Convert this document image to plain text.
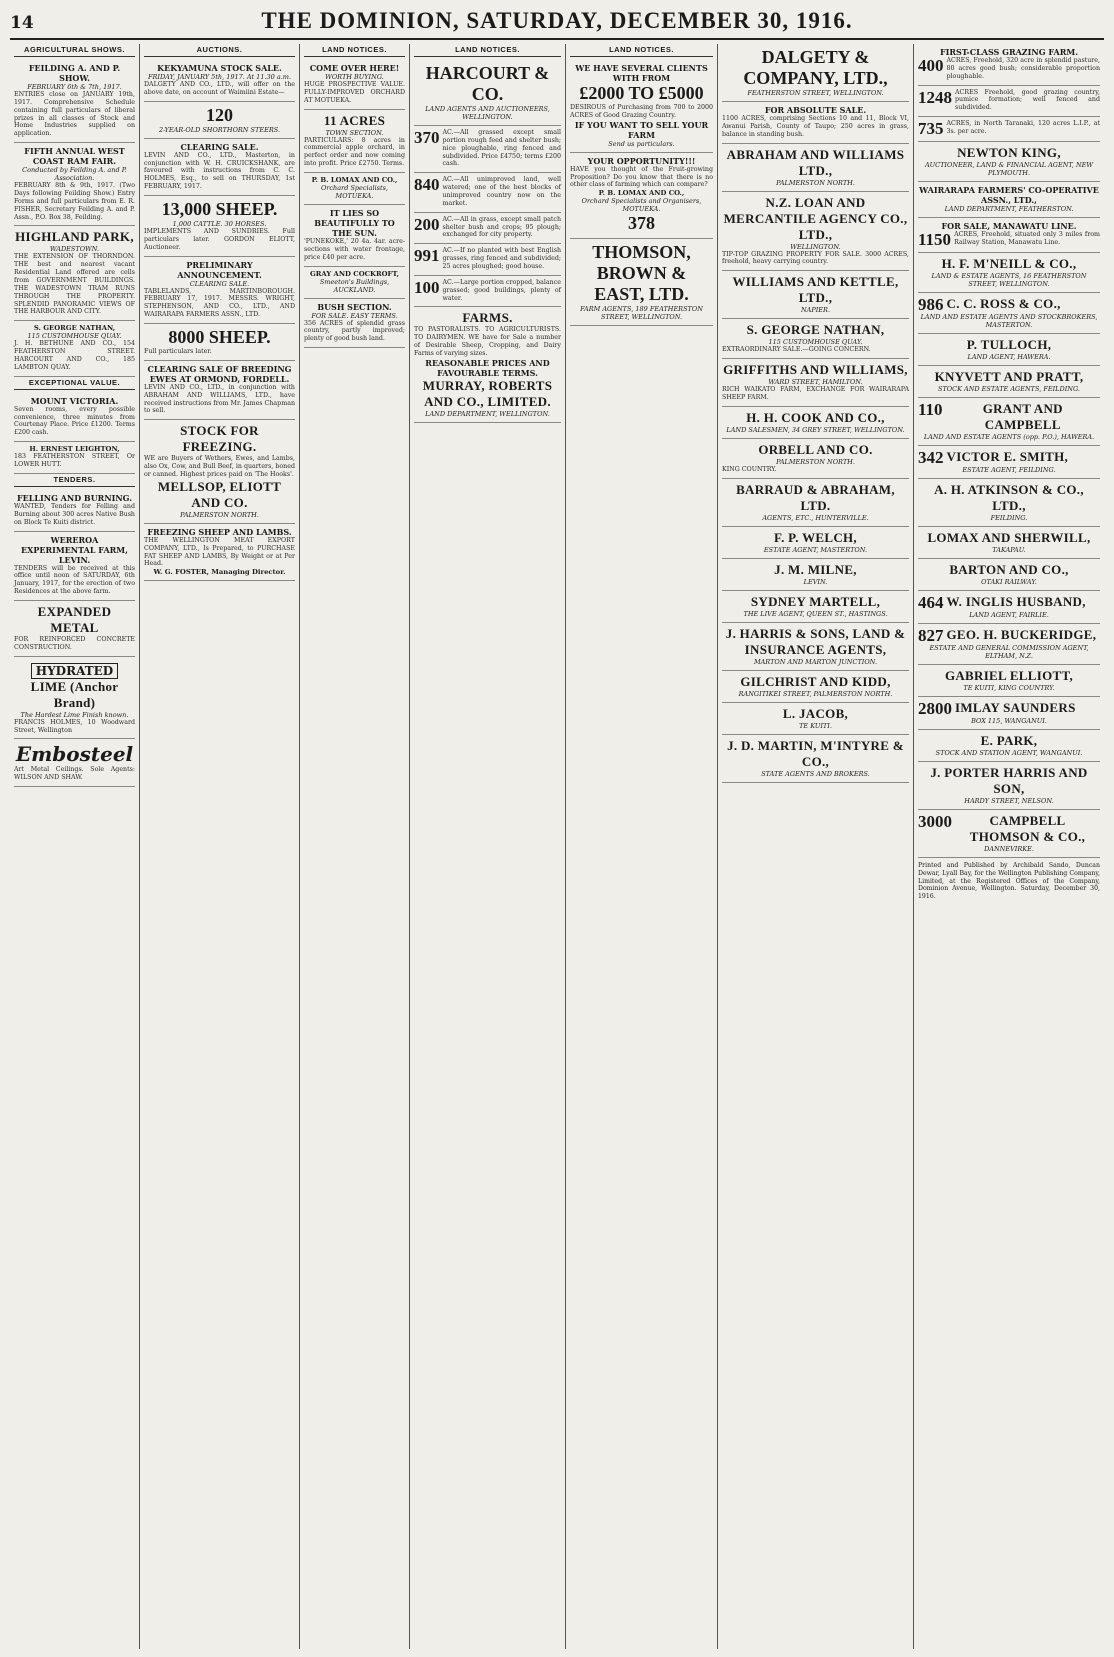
14	THE DOMINION, SATURDAY, DECEMBER 30, 1916.
AGRICULTURAL SHOWS.
FEILDING A. AND P. SHOW.
FEBRUARY 6th & 7th, 1917.
ENTRIES close on JANUARY 19th, 1917. Comprehensive Schedule containing full particulars of liberal prizes in all classes of Stock and Home Industries supplied on application.
FIFTH ANNUAL WEST COAST RAM FAIR.
Conducted by Feilding A. and P. Association.
FEBRUARY 8th & 9th, 1917. (Two Days following Feilding Show.) Entry Forms and full particulars from E. R. FISHER, Secretary Feilding A. and P. Assn., P.O. Box 38, Feilding.
HIGHLAND PARK,
WADESTOWN.
THE EXTENSION OF THORNDON. THE best and nearest vacant Residential Land offered are cells from GOVERNMENT BUILDINGS. THE WADESTOWN TRAM RUNS THROUGH THE PROPERTY. SPLENDID PANORAMIC VIEWS OF THE HARBOUR AND CITY.
S. GEORGE NATHAN,
115 CUSTOMHOUSE QUAY.
J. H. BETHUNE AND CO., 154 FEATHERSTON STREET. HARCOURT AND CO., 185 LAMBTON QUAY.
EXCEPTIONAL VALUE.
MOUNT VICTORIA.
Seven rooms, every possible convenience, three minutes from Courtenay Place. Price £1200. Terms £200 cash.
H. ERNEST LEIGHTON,
183 FEATHERSTON STREET, Or LOWER HUTT.
TENDERS.
FELLING AND BURNING.
WANTED, Tenders for Felling and Burning about 300 acres Native Bush on Block Te Kuiti district.
WEREROA EXPERIMENTAL FARM, LEVIN.
TENDERS will be received at this office until noon of SATURDAY, 6th January, 1917, for the erection of two Residences at the above farm.
EXPANDED METAL
FOR REINFORCED CONCRETE CONSTRUCTION.
HYDRATED
LIME (Anchor Brand)
The Hardest Lime Finish known.
FRANCIS HOLMES, 10 Woodward Street, Wellington
Embosteel
Art Metal Ceilings. Sole Agents: WILSON AND SHAW.
AUCTIONS.
KEKYAMUNA STOCK SALE.
FRIDAY, JANUARY 5th, 1917. At 11.30 a.m.
DALGETY AND CO., LTD., will offer on the above date, on account of Waimiini Estate—
120
2-YEAR-OLD SHORTHORN STEERS.
CLEARING SALE.
LEVIN AND CO., LTD., Masterton, in conjunction with W. H. CRUICKSHANK, are favoured with instructions from C. C. HOLMES, Esq., to sell on THURSDAY, 1st FEBRUARY, 1917.
13,000 SHEEP.
1,000 CATTLE. 30 HORSES.
IMPLEMENTS AND SUNDRIES. Full particulars later. GORDON ELIOTT, Auctioneer.
PRELIMINARY ANNOUNCEMENT.
CLEARING SALE.
TABLELANDS, MARTINBOROUGH. FEBRUARY 17, 1917. MESSRS. WRIGHT, STEPHENSON, AND CO., LTD., AND WAIRARAPA FARMERS ASSN., LTD.
8000 SHEEP.
Full particulars later.
CLEARING SALE OF BREEDING EWES AT ORMOND, FORDELL.
LEVIN AND CO., LTD., in conjunction with ABRAHAM AND WILLIAMS, LTD., have received instructions from Mr. James Chapman to sell.
STOCK FOR FREEZING.
WE are Buyers of Wethers, Ewes, and Lambs, also Ox, Cow, and Bull Beef, in quarters, boned or canned. Highest prices paid on 'The Hooks'.
MELLSOP, ELIOTT AND CO.
PALMERSTON NORTH.
FREEZING SHEEP AND LAMBS.
THE WELLINGTON MEAT EXPORT COMPANY, LTD., Is Prepared, to PURCHASE FAT SHEEP AND LAMBS, By Weight or at Per Head.
W. G. FOSTER, Managing Director.
LAND NOTICES.
COME OVER HERE!
WORTH BUYING.
HUGE PROSPECTIVE VALUE. FULLY-IMPROVED ORCHARD AT MOTUEKA.
11 ACRES
TOWN SECTION.
PARTICULARS: 8 acres in commercial apple orchard, in perfect order and now coming into profit. Price £2750. Terms.
P. B. LOMAX AND CO.,
Orchard Specialists, MOTUEKA.
IT LIES SO BEAUTIFULLY TO THE SUN.
'PUNEKOKE,' 20 4a. 4ar. acre-sections with water frontage, price £40 per acre.
GRAY AND COCKROFT,
Smeeton's Buildings, AUCKLAND.
BUSH SECTION.
FOR SALE. EASY TERMS.
356 ACRES of splendid grass country, partly improved; plenty of good bush land.
LAND NOTICES.
HARCOURT & CO.
LAND AGENTS AND AUCTIONEERS, WELLINGTON.
370 AC.—All grassed except small portion rough feed and shelter bush; nice ploughable, ring fenced and subdivided. Price £4750; terms £200 cash.
840 AC.—All unimproved land, well watered; one of the best blocks of unimproved country now on the market.
200 AC.—All in grass, except small patch shelter bush and crops; 95 plough; exchanged for city property.
991 AC.—If no planted with best English grasses, ring fenced and subdivided; 25 acres ploughed; good house.
100 AC.—Large portion cropped, balance grassed; good buildings, plenty of water.
FARMS.
TO PASTORALISTS. TO AGRICULTURISTS. TO DAIRYMEN. WE have for Sale a number of Desirable Sheep, Cropping, and Dairy Farms of varying sizes.
REASONABLE PRICES AND FAVOURABLE TERMS.
MURRAY, ROBERTS AND CO., LIMITED.
LAND DEPARTMENT, WELLINGTON.
LAND NOTICES.
WE HAVE SEVERAL CLIENTS WITH FROM
£2000 TO £5000
DESIROUS of Purchasing from 700 to 2000 ACRES of Good Grazing Country.
IF YOU WANT TO SELL YOUR FARM
Send us particulars.
YOUR OPPORTUNITY!!!
HAVE you thought of the Fruit-growing Proposition? Do you know that there is no other class of farming which can compare?
P. B. LOMAX AND CO.,
Orchard Specialists and Organisers, MOTUEKA.
378
THOMSON, BROWN & EAST, LTD.
FARM AGENTS, 189 FEATHERSTON STREET, WELLINGTON.
DALGETY & COMPANY, LTD.,
FEATHERSTON STREET, WELLINGTON.
FOR ABSOLUTE SALE.
1100 ACRES, comprising Sections 10 and 11, Block VI, Awanui Parish, County of Taupo; 250 acres in grass, balance in standing bush.
ABRAHAM AND WILLIAMS LTD.,
PALMERSTON NORTH.
N.Z. LOAN AND MERCANTILE AGENCY CO., LTD.,
WELLINGTON.
TIP-TOP GRAZING PROPERTY FOR SALE. 3000 ACRES, freehold, heavy carrying country.
WILLIAMS AND KETTLE, LTD.,
NAPIER.
S. GEORGE NATHAN,
115 CUSTOMHOUSE QUAY.
EXTRAORDINARY SALE.—GOING CONCERN.
GRIFFITHS AND WILLIAMS,
WARD STREET, HAMILTON.
RICH WAIKATO FARM, EXCHANGE FOR WAIRARAPA SHEEP FARM.
H. H. COOK AND CO.,
LAND SALESMEN, 34 GREY STREET, WELLINGTON.
ORBELL AND CO.
PALMERSTON NORTH.
KING COUNTRY.
BARRAUD & ABRAHAM, LTD.
AGENTS, ETC., HUNTERVILLE.
F. P. WELCH,
ESTATE AGENT, MASTERTON.
J. M. MILNE,
LEVIN.
SYDNEY MARTELL,
THE LIVE AGENT, QUEEN ST., HASTINGS.
J. HARRIS & SONS, LAND & INSURANCE AGENTS,
MARTON AND MARTON JUNCTION.
GILCHRIST AND KIDD,
RANGITIKEI STREET, PALMERSTON NORTH.
L. JACOB,
TE KUITI.
J. D. MARTIN, M'INTYRE & CO.,
STATE AGENTS AND BROKERS.
FIRST-CLASS GRAZING FARM.
400 ACRES, Freehold, 320 acre in splendid pasture, 80 acres good bush; considerable proportion ploughable.
1248 ACRES Freehold, good grazing country, pumice formation; well fenced and subdivided.
735 ACRES, in North Taranaki, 120 acres L.I.P., at 3s. per acre.
NEWTON KING,
AUCTIONEER, LAND & FINANCIAL AGENT, NEW PLYMOUTH.
WAIRARAPA FARMERS' CO-OPERATIVE ASSN., LTD.,
LAND DEPARTMENT, FEATHERSTON.
FOR SALE, MANAWATU LINE.
1150 ACRES, Freehold, situated only 3 miles from Railway Station, Manawatu Line.
H. F. M'NEILL & CO.,
LAND & ESTATE AGENTS, 16 FEATHERSTON STREET, WELLINGTON.
986 C. C. ROSS & CO.,
LAND AND ESTATE AGENTS AND STOCKBROKERS, MASTERTON.
P. TULLOCH,
LAND AGENT, HAWERA.
KNYVETT AND PRATT,
STOCK AND ESTATE AGENTS, FEILDING.
110	GRANT AND CAMPBELL
LAND AND ESTATE AGENTS (opp. P.O.), HAWERA.
342 VICTOR E. SMITH,
ESTATE AGENT, FEILDING.
A. H. ATKINSON & CO., LTD.,
FEILDING.
LOMAX AND SHERWILL,
TAKAPAU.
BARTON AND CO.,
OTAKI RAILWAY.
464 W. INGLIS HUSBAND,
LAND AGENT, FAIRLIE.
827 GEO. H. BUCKERIDGE,
ESTATE AND GENERAL COMMISSION AGENT, ELTHAM, N.Z.
GABRIEL ELLIOTT,
TE KUITI, KING COUNTRY.
2800 IMLAY SAUNDERS
BOX 115, WANGANUI.
E. PARK,
STOCK AND STATION AGENT, WANGANUI.
J. PORTER HARRIS AND SON,
HARDY STREET, NELSON.
3000	CAMPBELL THOMSON & CO.,
DANNEVIRKE.
Printed and Published by Archibald Sando, Duncan Dewar, Lyall Bay, for the Wellington Publishing Company, Limited, at the Registered Offices of the Company, Dominion Avenue, Wellington. Saturday, December 30, 1916.
